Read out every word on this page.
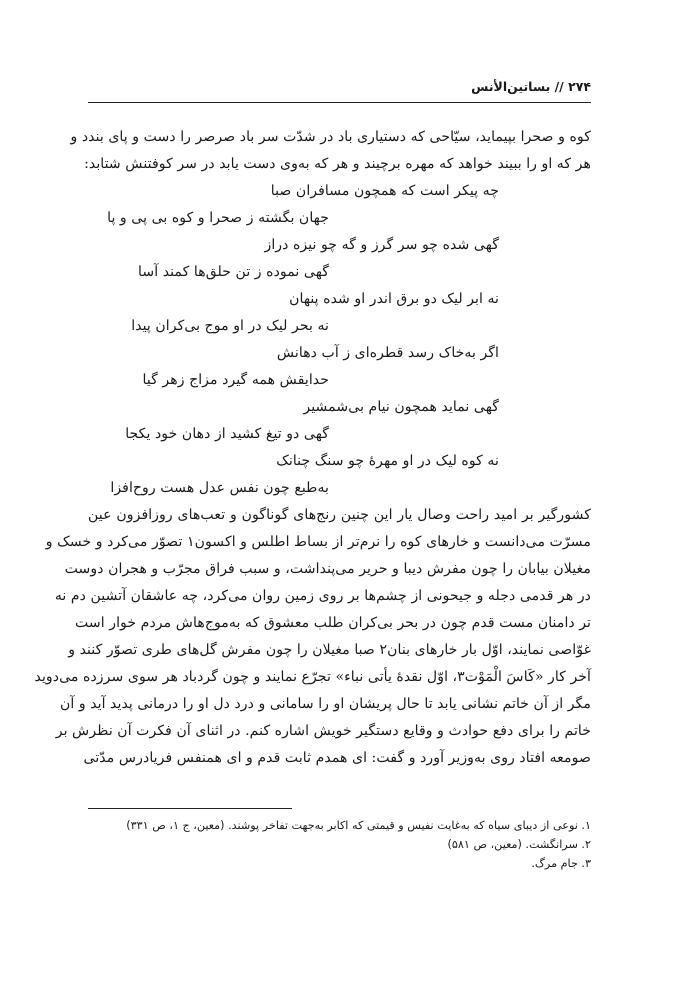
۲۷۴ // بساتین‌الأنس
کوه و صحرا بپیماید، سیّاحی که دستیاری باد در شدّت سر باد صرصر را دست و پای بندد و
هر که او را ببیند خواهد که مهره برچیند و هر که به‌وی دست یابد در سر کوفتنش شتابد:
چه پیکر است که همچون مسافران صبا
جهان بگشته ز صحرا و کوه بی پی و پا
گهی شده چو سر گرز و گه چو نیزه دراز
گهی نموده ز تن حلق‌ها کمند آسا
نه ابر لیک دو برق اندر او شده پنهان
نه بحر لیک در او موج بی‌کران پیدا
اگر به‌خاک رسد قطره‌ای ز آب دهانش
حدایقش همه گیرد مزاج زهر گیا
گهی نماید همچون نیام بی‌شمشیر
گهی دو تیغ کشید از دهان خود یکجا
نه کوه لیک در او مهرهٔ چو سنگ چنانک
به‌طبع چون نفس عدل هست روح‌افزا
کشورگیر بر امید راحت وصال یار این چنین رنج‌های گوناگون و تعب‌های روزافزون عین
مسرّت می‌دانست و خارهای کوه را نرم‌تر از بساط اطلس و اکسون۱ تصوّر می‌کرد و خسک و
مغیلان بیابان را چون مفرش دیبا و حریر می‌پنداشت، و سبب فراق مجرّب و هجران دوست
در هر قدمی دجله و جیحونی از چشم‌ها بر روی زمین روان می‌کرد، چه عاشقان آتشین دم نه
تر دامنان مست قدم چون در بحر بی‌کران طلب معشوق که به‌موج‌هاش مردم خوار است
غوّاصی نمایند، اوّل بار خارهای بنان۲ صبا مغیلان را چون مفرش گل‌های طری تصوّر کنند و
آخر کار «کَاسَ الْمَوْت۳، اوّل نقدهٔ یأتی نباء» تجرّع نمایند و چون گردباد هر سوی سرزده می‌دوید
مگر از آن خاتم نشانی یابد تا حال پریشان او را سامانی و درد دل او را درمانی پدید آید و آن
خاتم را برای دفع حوادث و وقایع دستگیر خویش اشاره کنم. در اثنای آن فکرت آن نظرش بر
صومعه افتاد روی به‌وزیر آورد و گفت: ای همدم ثابت قدم و ای همنفس فریادرس مدّتی
۱. نوعی از دیبای سیاه که به‌غایت نفیس و قیمتی که اکابر به‌جهت تفاخر پوشند. (معین، ج ۱، ص ۳۳۱)
۲. سرانگشت. (معین، ص ۵۸۱)
۳. جام مرگ.
